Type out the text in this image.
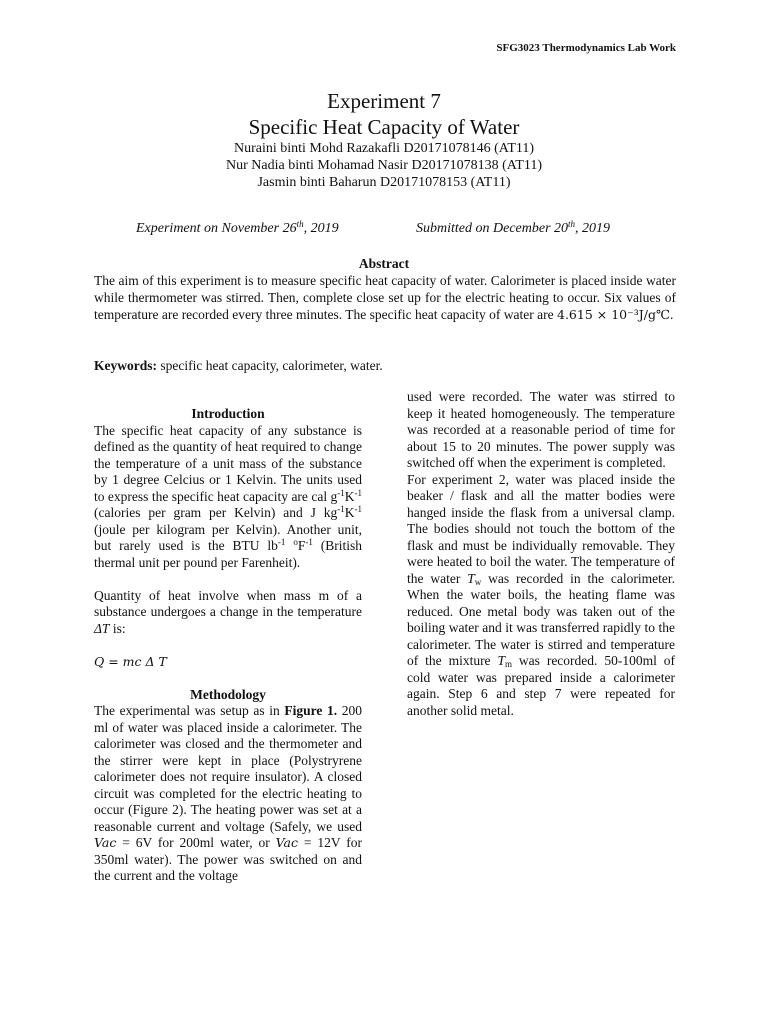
SFG3023 Thermodynamics Lab Work
Experiment 7
Specific Heat Capacity of Water
Nuraini binti Mohd Razakafli D20171078146 (AT11)
Nur Nadia binti Mohamad Nasir D20171078138 (AT11)
Jasmin binti Baharun D20171078153 (AT11)
Experiment on November 26th, 2019	Submitted on December 20th, 2019
Abstract
The aim of this experiment is to measure specific heat capacity of water. Calorimeter is placed inside water while thermometer was stirred. Then, complete close set up for the electric heating to occur. Six values of temperature are recorded every three minutes. The specific heat capacity of water are 4.615 × 10⁻³J/g℃.
Keywords: specific heat capacity, calorimeter, water.

Introduction

The specific heat capacity of any substance is defined as the quantity of heat required to change the temperature of a unit mass of the substance by 1 degree Celcius or 1 Kelvin. The units used to express the specific heat capacity are cal $g^{-1}K^{-1}$ (calories per gram per Kelvin) and J $kg^{-1}K^{-1}$ (joule per kilogram per Kelvin). Another unit, but rarely used is the BTU $lb^{-1}$ $^oF^{-1}$ (British thermal unit per pound per Farenheit).

Quantity of heat involve when mass m of a substance undergoes a change in the temperature ΔT is:

Q = mc Δ T

Methodology

The experimental was setup as in Figure 1. 200 ml of water was placed inside a calorimeter. The calorimeter was closed and the thermometer and the stirrer were kept in place (Polystryrene calorimeter does not require insulator). A closed circuit was completed for the electric heating to occur (Figure 2). The heating power was set at a reasonable current and voltage (Safely, we used Vac = 6V for 200ml water, or Vac = 12V for 350ml water). The power was switched on and the current and the voltage

used were recorded. The water was stirred to keep it heated homogeneously. The temperature was recorded at a reasonable period of time for about 15 to 20 minutes. The power supply was switched off when the experiment is completed.

For experiment 2, water was placed inside the beaker / flask and all the matter bodies were hanged inside the flask from a universal clamp. The bodies should not touch the bottom of the flask and must be individually removable. They were heated to boil the water. The temperature of the water $T_w$ was recorded in the calorimeter. When the water boils, the heating flame was reduced. One metal body was taken out of the boiling water and it was transferred rapidly to the calorimeter. The water is stirred and temperature of the mixture $T_m$ was recorded. 50-100ml of cold water was prepared inside a calorimeter again. Step 6 and step 7 were repeated for another solid metal.
